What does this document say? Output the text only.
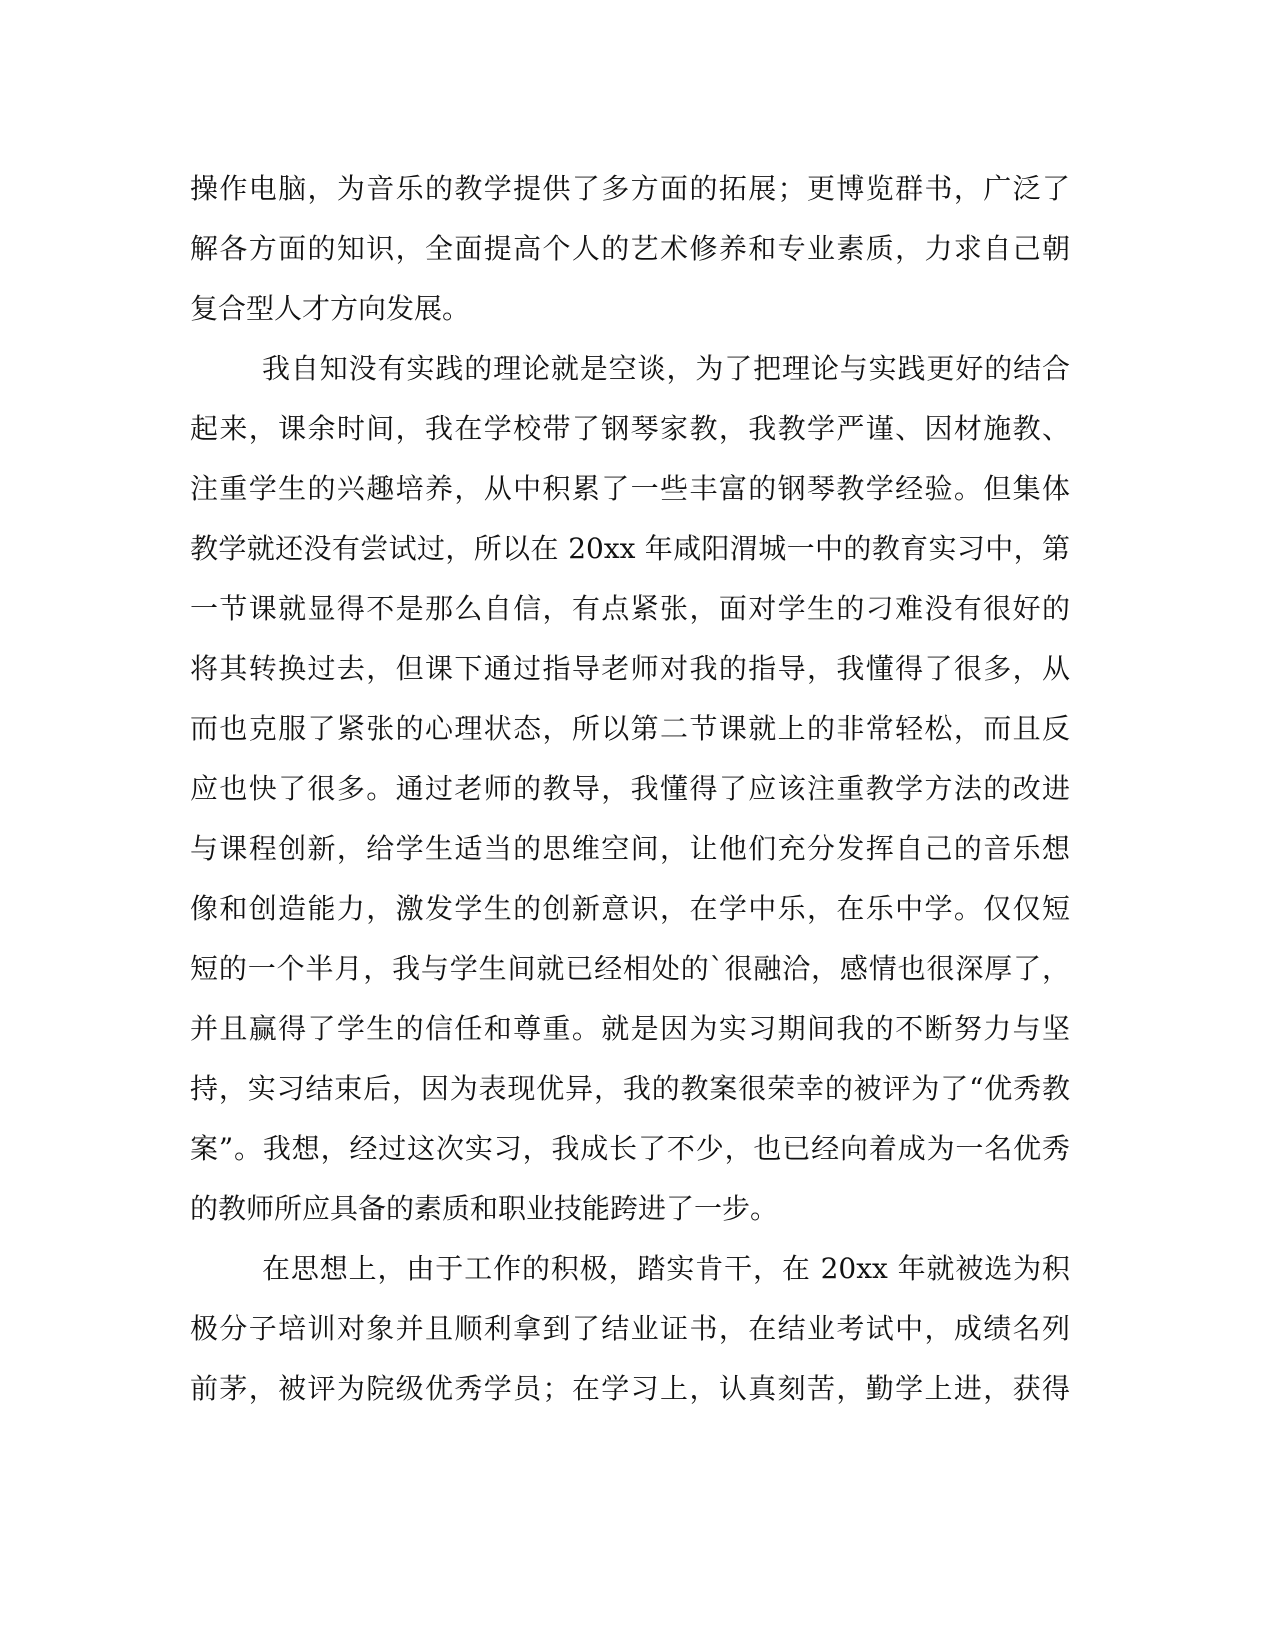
操作电脑，为音乐的教学提供了多方面的拓展；更博览群书，广泛了
解各方面的知识，全面提高个人的艺术修养和专业素质，力求自己朝
复合型人才方向发展。
我自知没有实践的理论就是空谈，为了把理论与实践更好的结合
起来，课余时间，我在学校带了钢琴家教，我教学严谨、因材施教、
注重学生的兴趣培养，从中积累了一些丰富的钢琴教学经验。但集体
教学就还没有尝试过，所以在 20xx 年咸阳渭城一中的教育实习中，第
一节课就显得不是那么自信，有点紧张，面对学生的刁难没有很好的
将其转换过去，但课下通过指导老师对我的指导，我懂得了很多，从
而也克服了紧张的心理状态，所以第二节课就上的非常轻松，而且反
应也快了很多。通过老师的教导，我懂得了应该注重教学方法的改进
与课程创新，给学生适当的思维空间，让他们充分发挥自己的音乐想
像和创造能力，激发学生的创新意识，在学中乐，在乐中学。仅仅短
短的一个半月，我与学生间就已经相处的`很融洽，感情也很深厚了，
并且赢得了学生的信任和尊重。就是因为实习期间我的不断努力与坚
持，实习结束后，因为表现优异，我的教案很荣幸的被评为了“优秀教
案”。我想，经过这次实习，我成长了不少，也已经向着成为一名优秀
的教师所应具备的素质和职业技能跨进了一步。
在思想上，由于工作的积极，踏实肯干，在 20xx 年就被选为积
极分子培训对象并且顺利拿到了结业证书，在结业考试中，成绩名列
前茅，被评为院级优秀学员；在学习上，认真刻苦，勤学上进，获得
